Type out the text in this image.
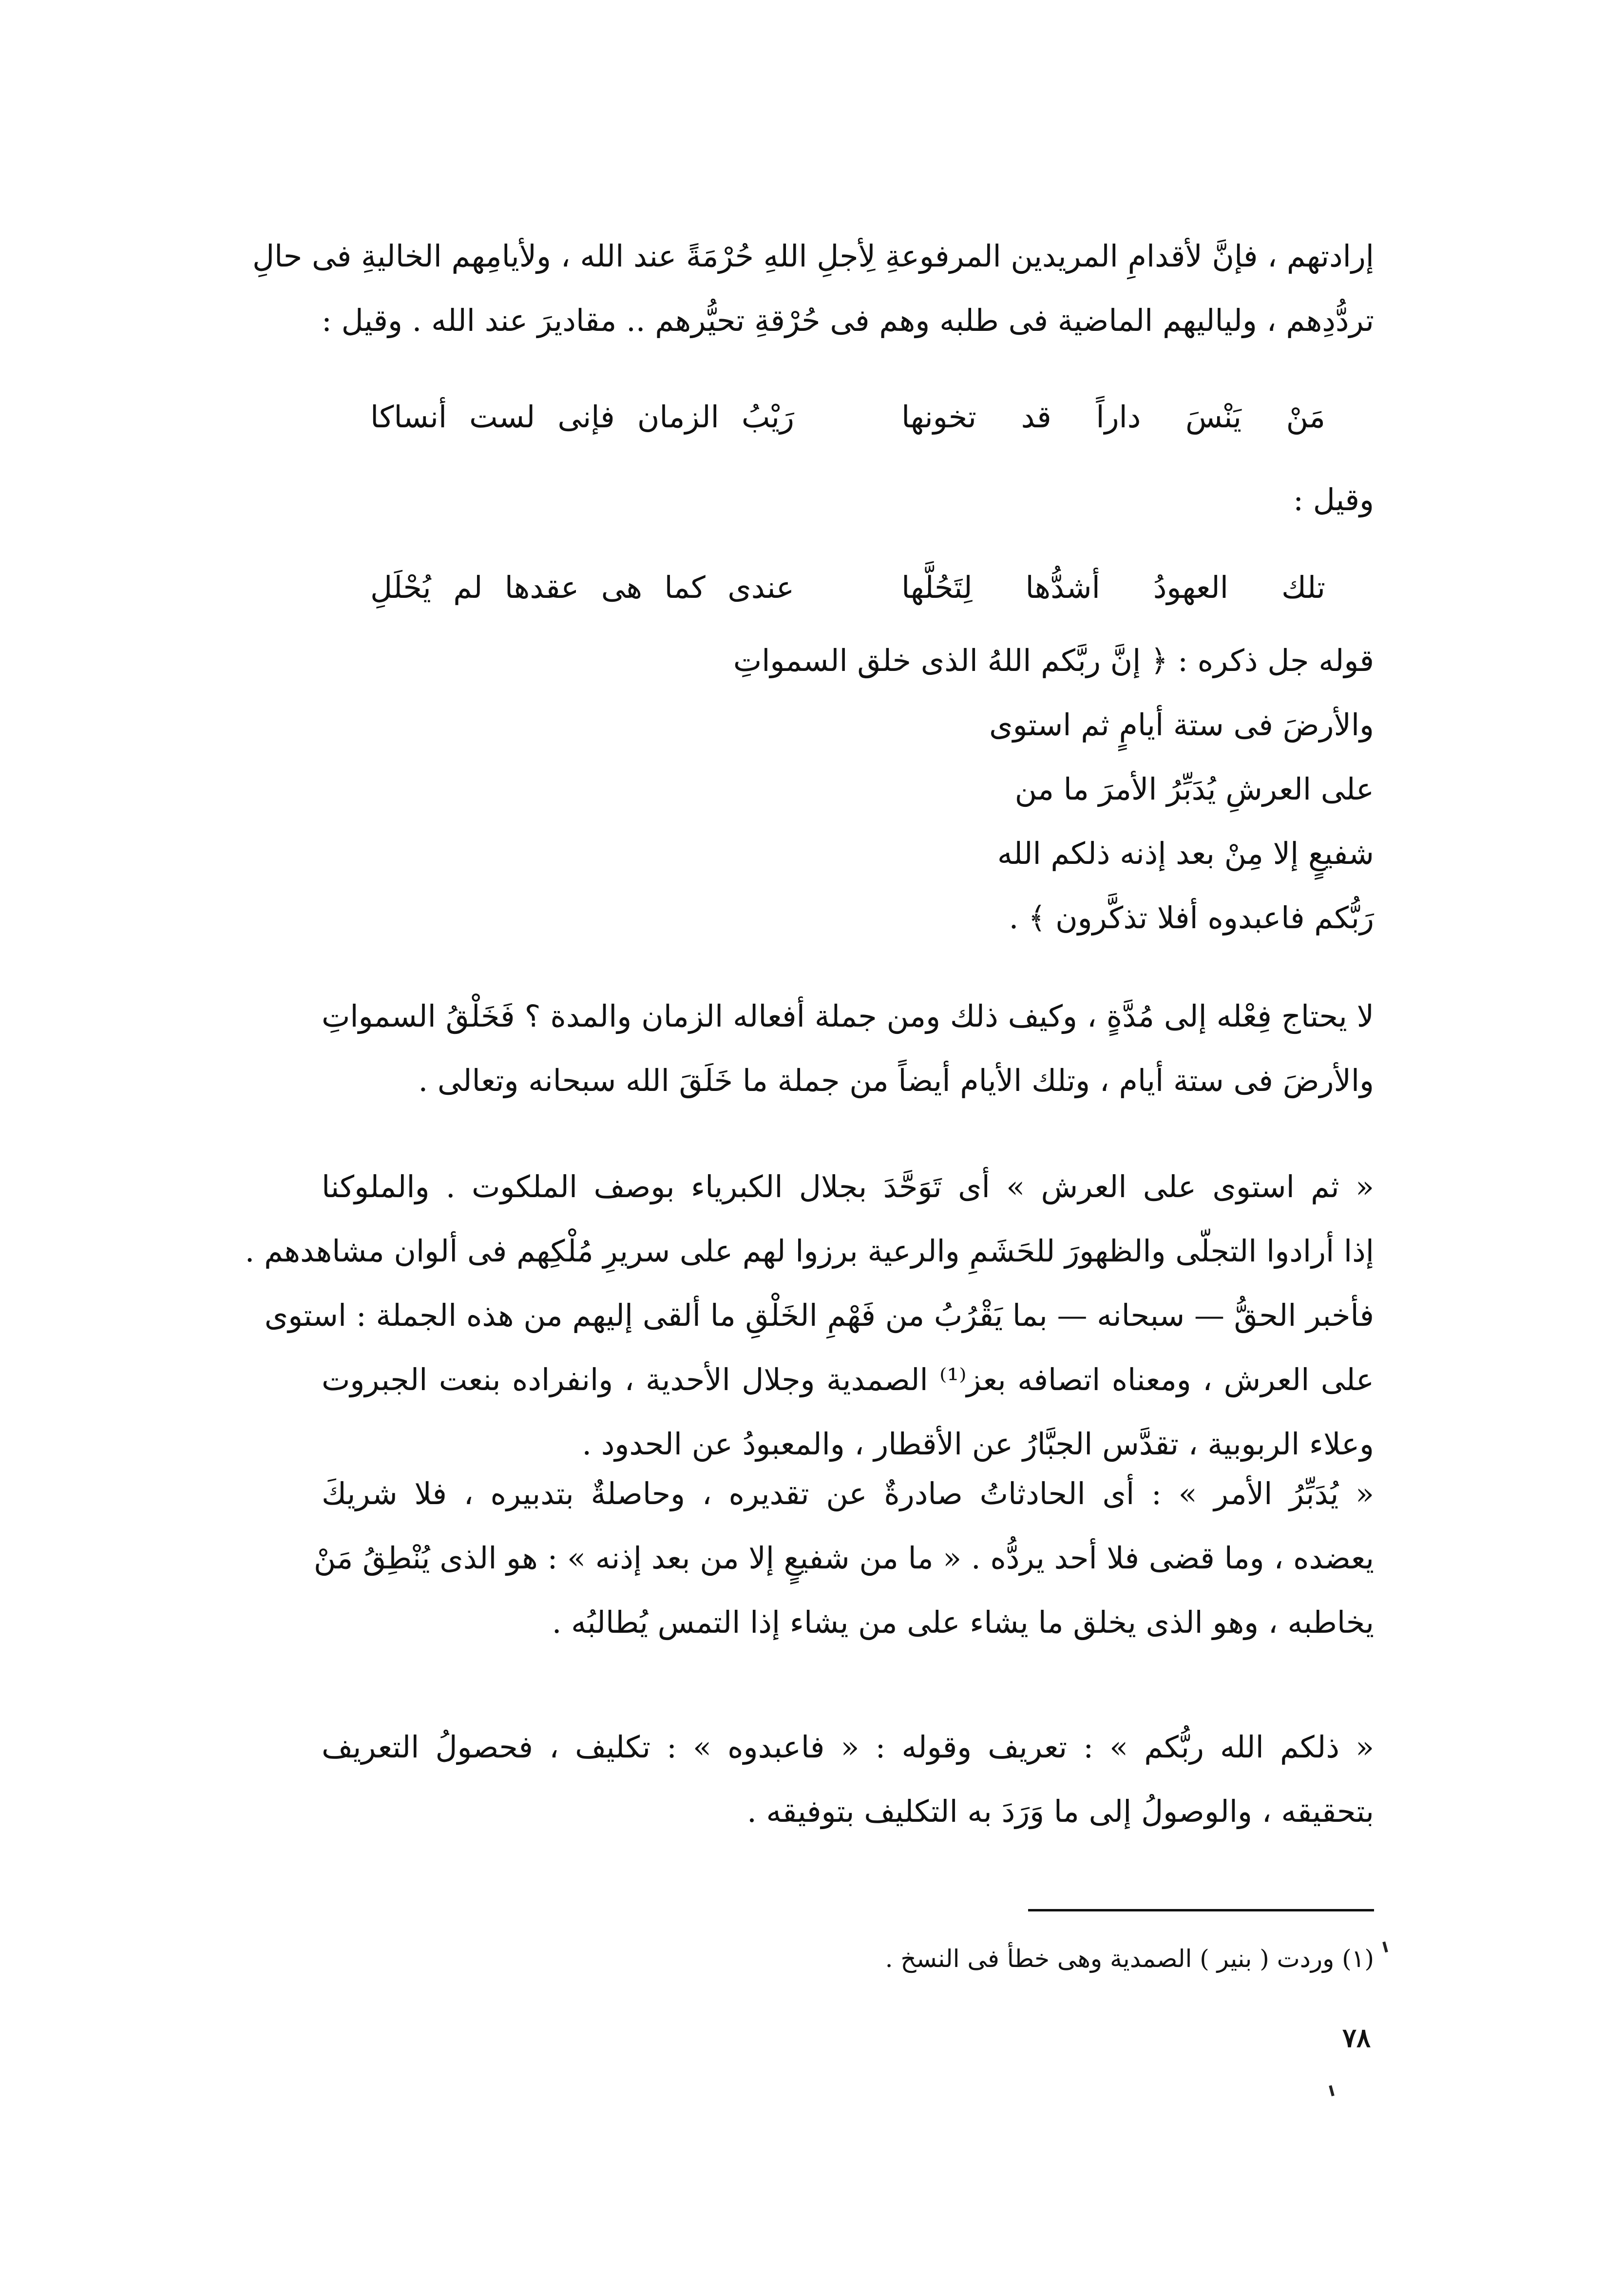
إرادتهم ، فإنَّ لأقدامِ المريدين المرفوعةِ لِأجلِ اللهِ حُرْمَةً عند الله ، ولأيامِهم الخاليةِ فى حالِ
تردُّدِهم ، ولياليهم الماضية فى طلبه وهم فى حُرْقةِ تحيُّرهم .. مقاديرَ عند الله . وقيل :
مَنْ يَنْسَ داراً قد تخونها
رَيْبُ الزمان فإنى لست أنساكا
وقيل :
تلك العهودُ أشدُّها لِتَحُلَّها
عندى كما هى عقدها لم يُحْلَلِ
قوله جل ذكره : ﴿ إنَّ ربَّكم اللهُ الذى خلق السمواتِ
والأرضَ فى ستة أيامٍ ثم استوى
على العرشِ يُدَبِّرُ الأمرَ ما من
شفيعٍ إلا مِنْ بعد إذنه ذلكم الله
رَبُّكم فاعبدوه أفلا تذكَّرون ﴾ .
لا يحتاج فِعْله إلى مُدَّةٍ ، وكيف ذلك ومن جملة أفعاله الزمان والمدة ؟ فَخَلْقُ السمواتِ
والأرضَ فى ستة أيام ، وتلك الأيام أيضاً من جملة ما خَلَقَ الله سبحانه وتعالى .
« ثم استوى على العرش » أى تَوَحَّدَ بجلال الكبرياء بوصف الملكوت . والملوكنا
إذا أرادوا التجلّى والظهورَ للحَشَمِ والرعية برزوا لهم على سريرِ مُلْكِهم فى ألوان مشاهدهم .
فأخبر الحقُّ — سبحانه — بما يَقْرُبُ من فَهْمِ الخَلْقِ ما ألقى إليهم من هذه الجملة : استوى
على العرش ، ومعناه اتصافه بعز⁽¹⁾ الصمدية وجلال الأحدية ، وانفراده بنعت الجبروت
وعلاء الربوبية ، تقدَّس الجبَّارُ عن الأقطار ، والمعبودُ عن الحدود .
« يُدَبِّرُ الأمر » : أى الحادثاتُ صادرةٌ عن تقديره ، وحاصلةٌ بتدبيره ، فلا شريكَ
يعضده ، وما قضى فلا أحد يردُّه . « ما من شفيعٍ إلا من بعد إذنه » : هو الذى يُنْطِقُ مَنْ
يخاطبه ، وهو الذى يخلق ما يشاء على من يشاء إذا التمس يُطالبُه .
« ذلكم الله ربُّكم » : تعريف وقوله : « فاعبدوه » : تكليف ، فحصولُ التعريف
بتحقيقه ، والوصولُ إلى ما وَرَدَ به التكليف بتوفيقه .
(١) وردت ( بنير ) الصمدية وهى خطأ فى النسخ .
٧٨
